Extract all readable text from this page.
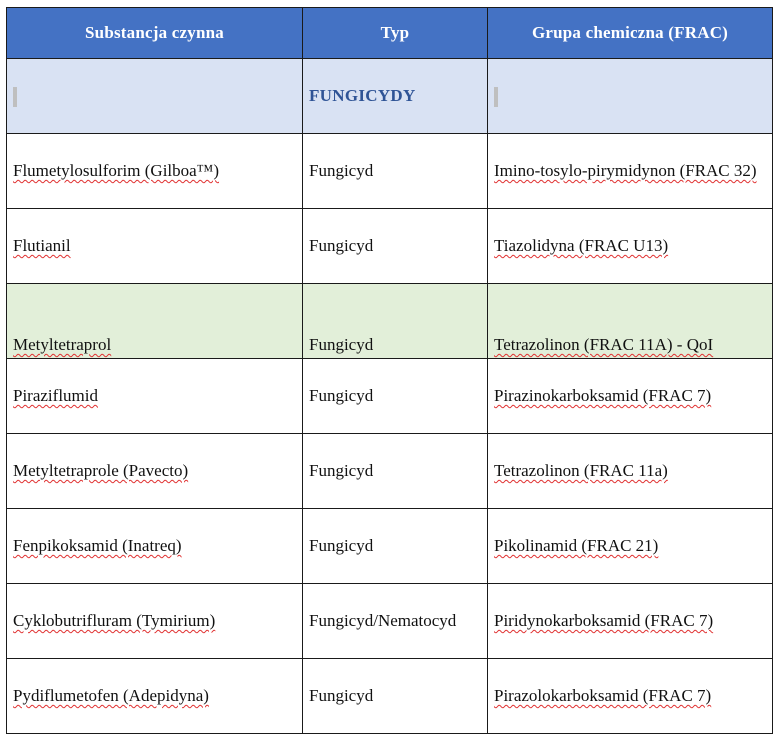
Substancja czynna	Typ	Grupa chemiczna (FRAC)
	FUNGICYDY	
Flumetylosulforim (Gilboa™)	Fungicyd	Imino-tosylo-pirymidynon (FRAC 32)
Flutianil	Fungicyd	Tiazolidyna (FRAC U13)
Metyltetraprol	Fungicyd	Tetrazolinon (FRAC 11A) - QoI
Piraziflumid	Fungicyd	Pirazinokarboksamid (FRAC 7)
Metyltetraprole (Pavecto)	Fungicyd	Tetrazolinon (FRAC 11a)
Fenpikoksamid (Inatreq)	Fungicyd	Pikolinamid (FRAC 21)
Cyklobutrifluram (Tymirium)	Fungicyd/Nematocyd	Piridynokarboksamid (FRAC 7)
Pydiflumetofen (Adepidyna)	Fungicyd	Pirazolokarboksamid (FRAC 7)
